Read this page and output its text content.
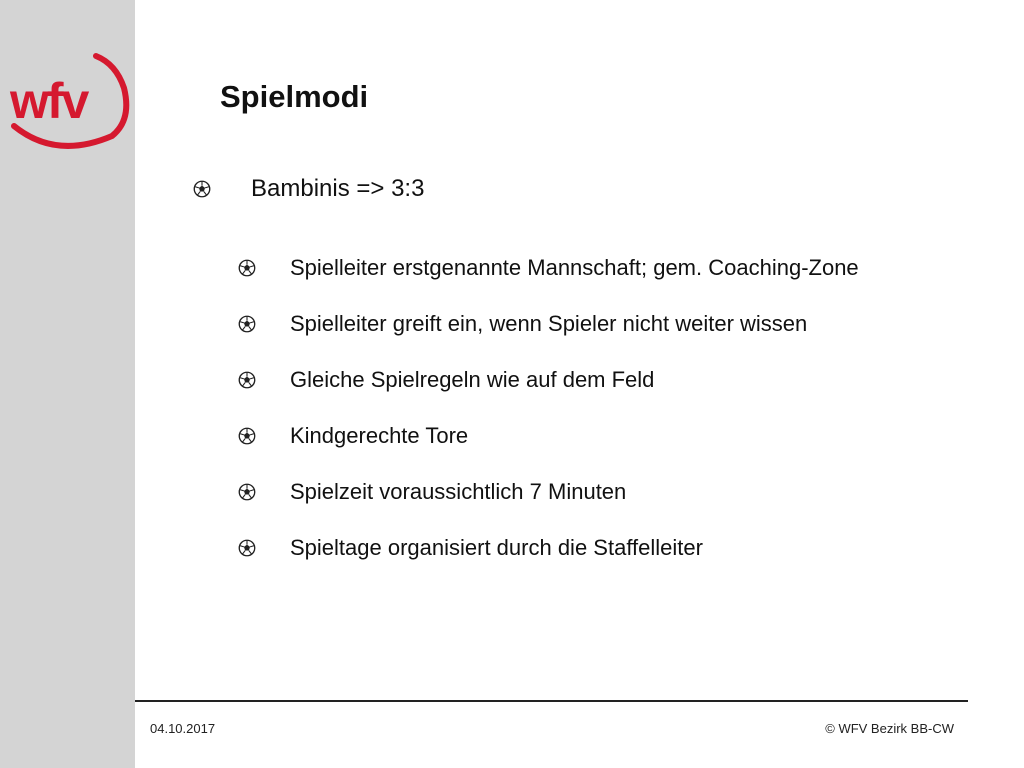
wfv	Spielmodi
Bambinis => 3:3
Spielleiter erstgenannte Mannschaft; gem. Coaching-Zone
Spielleiter greift ein, wenn Spieler nicht weiter wissen
Gleiche Spielregeln wie auf dem Feld
Kindgerechte Tore
Spielzeit voraussichtlich 7 Minuten
Spieltage organisiert durch die Staffelleiter
04.10.2017	© WFV Bezirk BB-CW
